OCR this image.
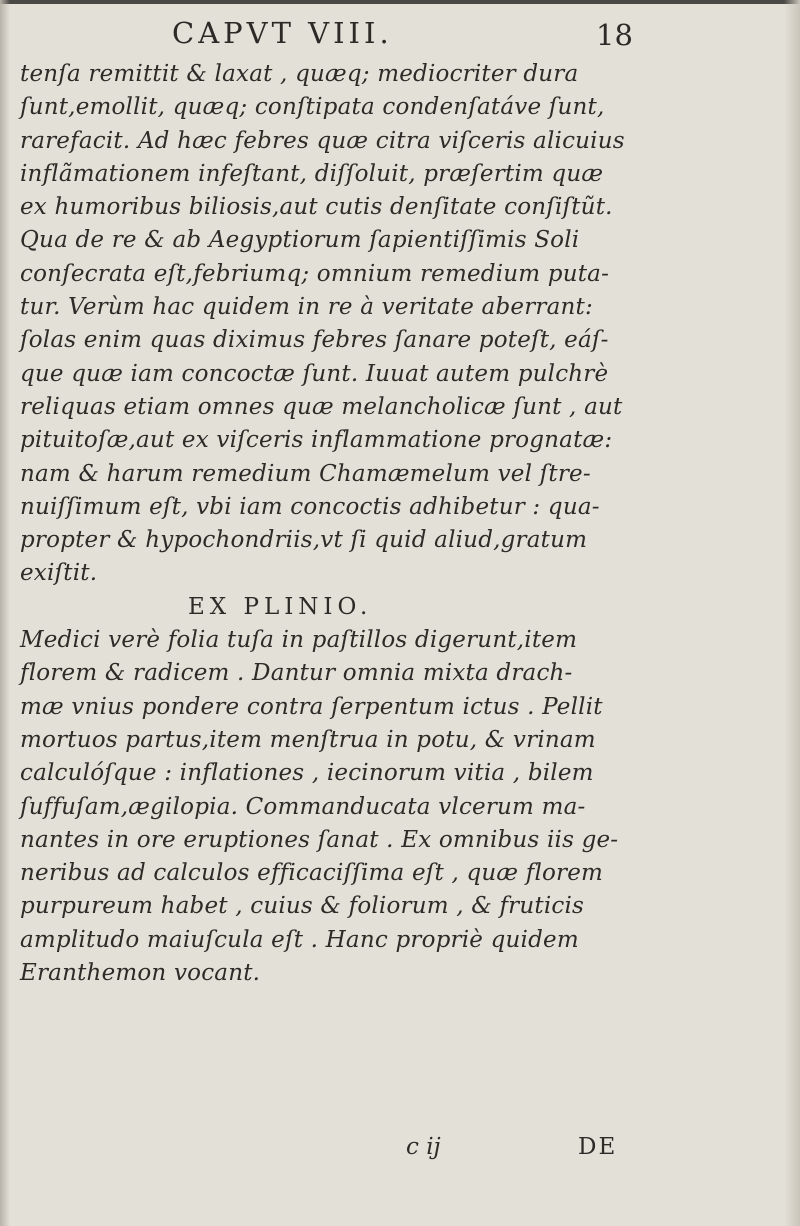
CAPVT VIII.	18
tenſa remittit & laxat , quæq; mediocriter dura
ſunt,emollit, quæq; conſtipata condenſatáve ſunt,
rarefacit. Ad hæc febres quæ citra viſceris alicuius
inflãmationem infeſtant, diſſoluit, præſertim quæ
ex humoribus biliosis,aut cutis denſitate conſiſtũt.
Qua de re & ab Aegyptiorum ſapientiſſimis Soli
conſecrata eſt,febriumq; omnium remedium puta-
tur. Verùm hac quidem in re à veritate aberrant:
ſolas enim quas diximus febres ſanare poteſt, eáſ-
que quæ iam concoctæ ſunt. Iuuat autem pulchrè
reliquas etiam omnes quæ melancholicæ ſunt , aut
pituitoſæ,aut ex viſceris inflammatione prognatæ:
nam & harum remedium Chamæmelum vel ſtre-
nuiſſimum eſt, vbi iam concoctis adhibetur : qua-
propter & hypochondriis,vt ſi quid aliud,gratum
exiſtit.
EX PLINIO.
Medici verè folia tuſa in paſtillos digerunt,item
florem & radicem . Dantur omnia mixta drach-
mæ vnius pondere contra ſerpentum ictus . Pellit
mortuos partus,item menſtrua in potu, & vrinam
calculóſque : inflationes , iecinorum vitia , bilem
ſuffuſam,ægilopia. Commanducata vlcerum ma-
nantes in ore eruptiones ſanat . Ex omnibus iis ge-
neribus ad calculos efficaciſſima eſt , quæ florem
purpureum habet , cuius & foliorum , & fruticis
amplitudo maiuſcula eſt . Hanc propriè quidem
Eranthemon vocant.
c ij	DE
